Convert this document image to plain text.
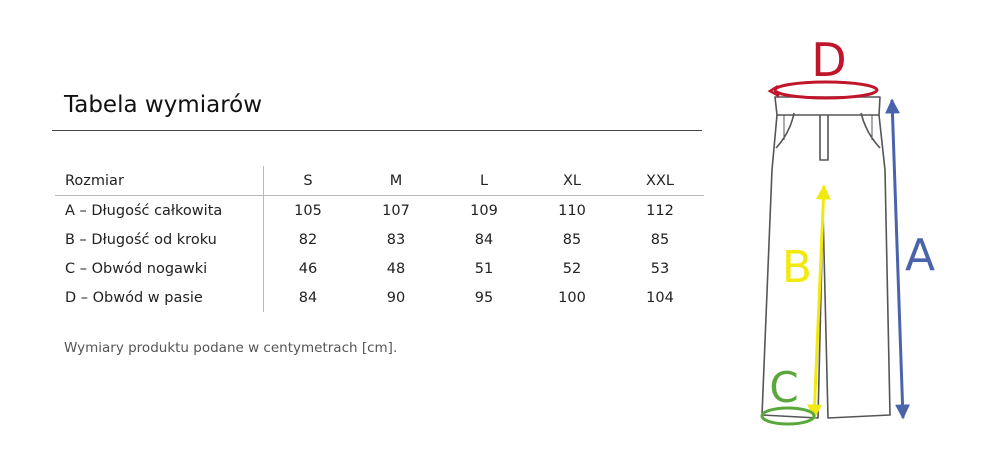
Tabela wymiarów
Rozmiar		S	M	L	XL	XXL
A – Długość całkowita		105	107	109	110	112
B – Długość od kroku		82	83	84	85	85
C – Obwód nogawki		46	48	51	52	53
D – Obwód w pasie		84	90	95	100	104
Wymiary produktu podane w centymetrach [cm].
D
A
B
C
